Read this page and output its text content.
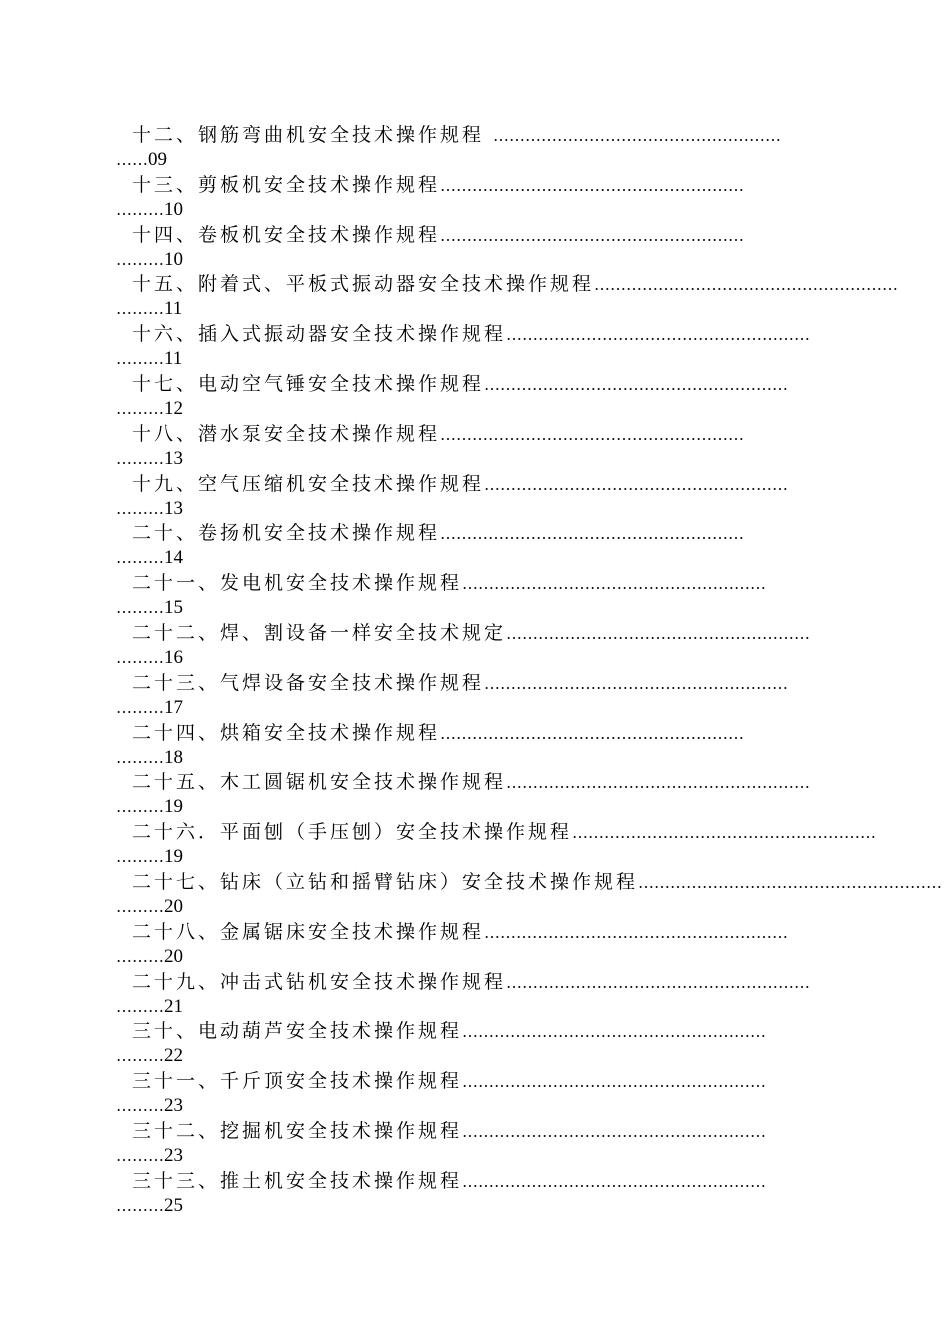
十二、钢筋弯曲机安全技术操作规程 ………………………………………………
……09
十三、剪板机安全技术操作规程…………………………………………………
………10
十四、卷板机安全技术操作规程…………………………………………………
………10
十五、附着式、平板式振动器安全技术操作规程…………………………………………………
………11
十六、插入式振动器安全技术操作规程…………………………………………………
………11
十七、电动空气锤安全技术操作规程…………………………………………………
………12
十八、潜水泵安全技术操作规程…………………………………………………
………13
十九、空气压缩机安全技术操作规程…………………………………………………
………13
二十、卷扬机安全技术操作规程…………………………………………………
………14
二十一、发电机安全技术操作规程…………………………………………………
………15
二十二、焊、割设备一样安全技术规定…………………………………………………
………16
二十三、气焊设备安全技术操作规程…………………………………………………
………17
二十四、烘箱安全技术操作规程…………………………………………………
………18
二十五、木工圆锯机安全技术操作规程…………………………………………………
………19
二十六．平面刨（手压刨）安全技术操作规程…………………………………………………
………19
二十七、钻床（立钻和摇臂钻床）安全技术操作规程…………………………………………………
………20
二十八、金属锯床安全技术操作规程…………………………………………………
………20
二十九、冲击式钻机安全技术操作规程…………………………………………………
………21
三十、电动葫芦安全技术操作规程…………………………………………………
………22
三十一、千斤顶安全技术操作规程…………………………………………………
………23
三十二、挖掘机安全技术操作规程…………………………………………………
………23
三十三、推土机安全技术操作规程…………………………………………………
………25
